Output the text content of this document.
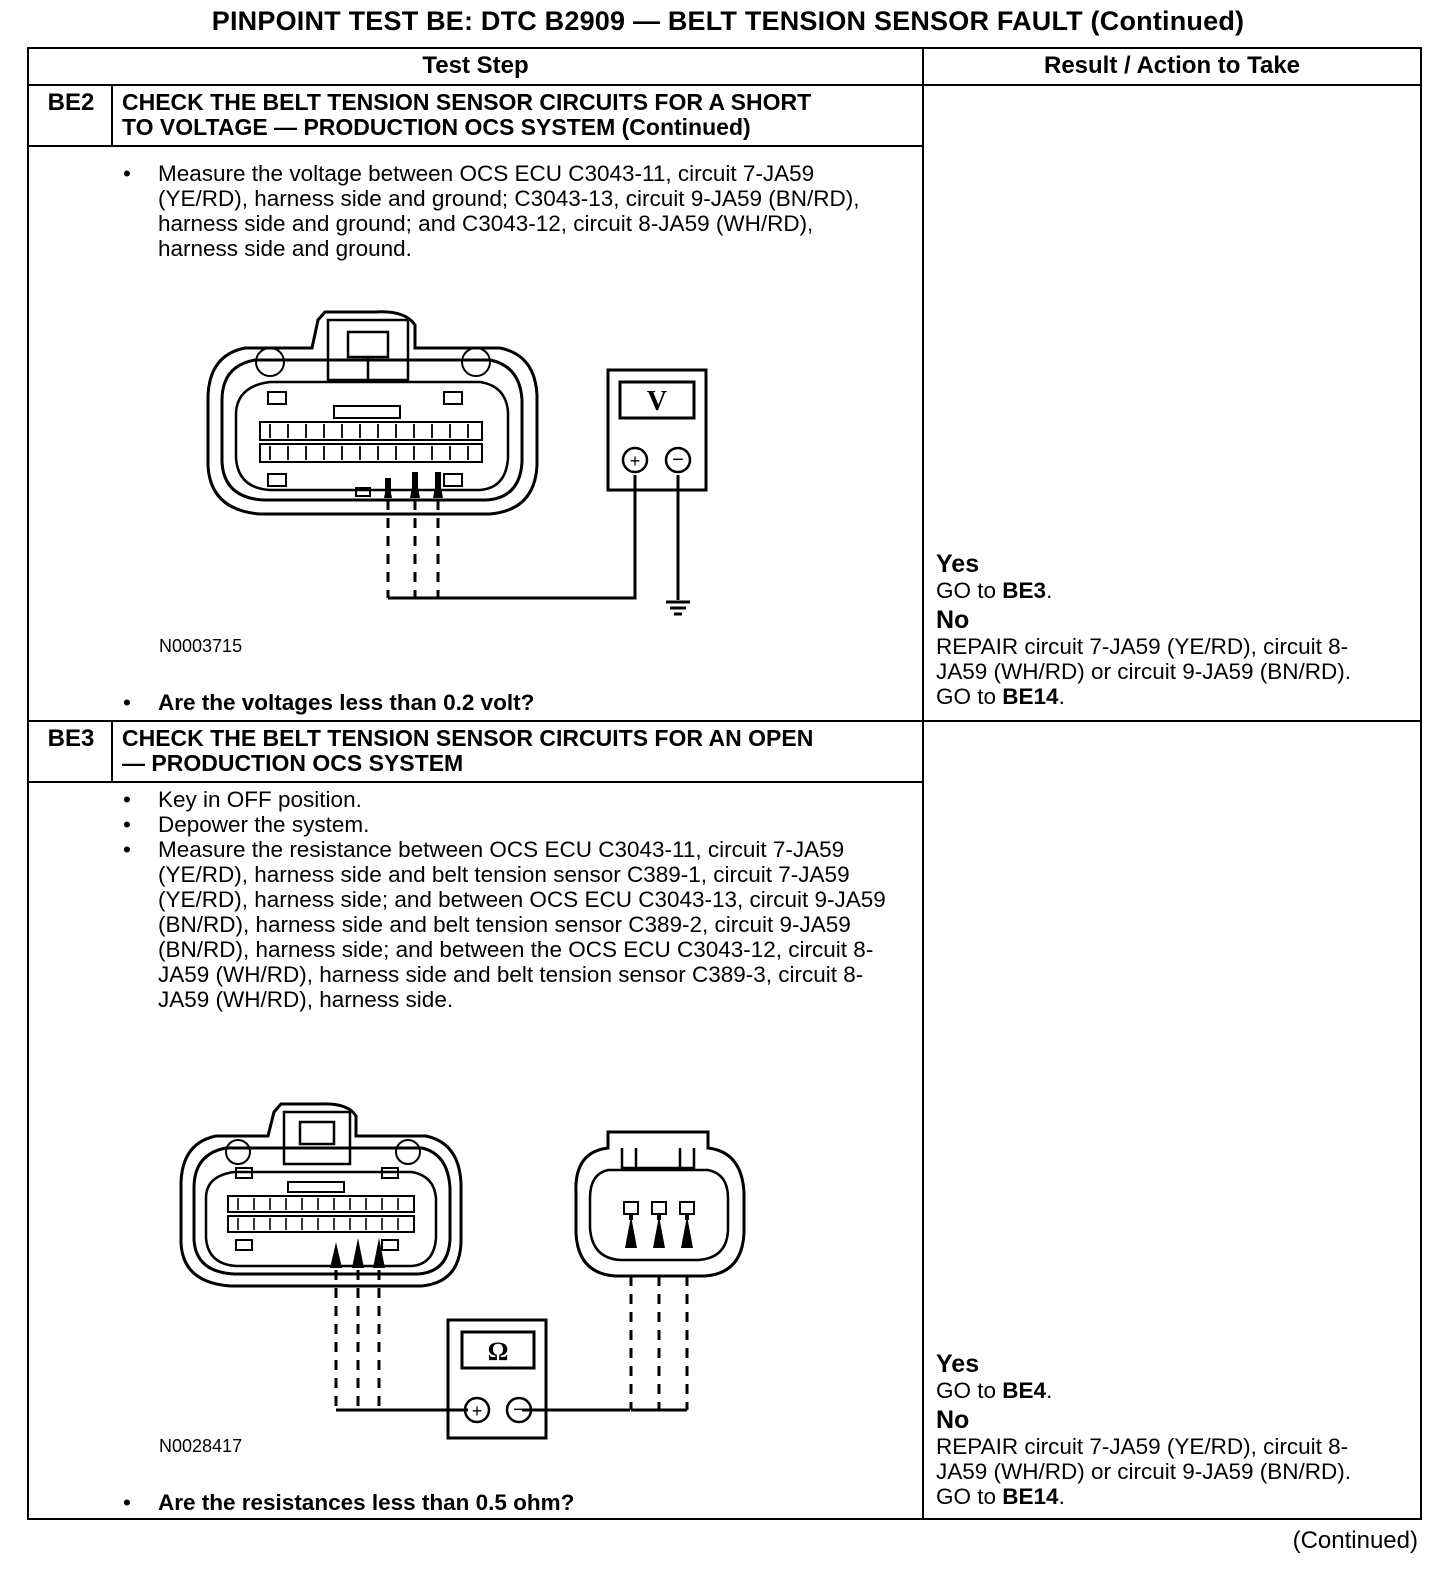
PINPOINT TEST BE: DTC B2909 — BELT TENSION SENSOR FAULT (Continued)
Test Step	Result / Action to Take
BE2	CHECK THE BELT TENSION SENSOR CIRCUITS FOR A SHORT
TO VOLTAGE — PRODUCTION OCS SYSTEM (Continued)
• Measure the voltage between OCS ECU C3043-11, circuit 7-JA59 (YE/RD), harness side and ground; C3043-13, circuit 9-JA59 (BN/RD), harness side and ground; and C3043-12, circuit 8-JA59 (WH/RD), harness side and ground.
V
+ −
N0003715
• Are the voltages less than 0.2 volt?
Yes
GO to BE3.
No
REPAIR circuit 7-JA59 (YE/RD), circuit 8-JA59 (WH/RD) or circuit 9-JA59 (BN/RD). GO to BE14.
BE3	CHECK THE BELT TENSION SENSOR CIRCUITS FOR AN OPEN
— PRODUCTION OCS SYSTEM
• Key in OFF position.
• Depower the system.
• Measure the resistance between OCS ECU C3043-11, circuit 7-JA59 (YE/RD), harness side and belt tension sensor C389-1, circuit 7-JA59 (YE/RD), harness side; and between OCS ECU C3043-13, circuit 9-JA59 (BN/RD), harness side and belt tension sensor C389-2, circuit 9-JA59 (BN/RD), harness side; and between the OCS ECU C3043-12, circuit 8-JA59 (WH/RD), harness side and belt tension sensor C389-3, circuit 8-JA59 (WH/RD), harness side.
Ω
+ −
N0028417
• Are the resistances less than 0.5 ohm?
Yes
GO to BE4.
No
REPAIR circuit 7-JA59 (YE/RD), circuit 8-JA59 (WH/RD) or circuit 9-JA59 (BN/RD). GO to BE14.
(Continued)
